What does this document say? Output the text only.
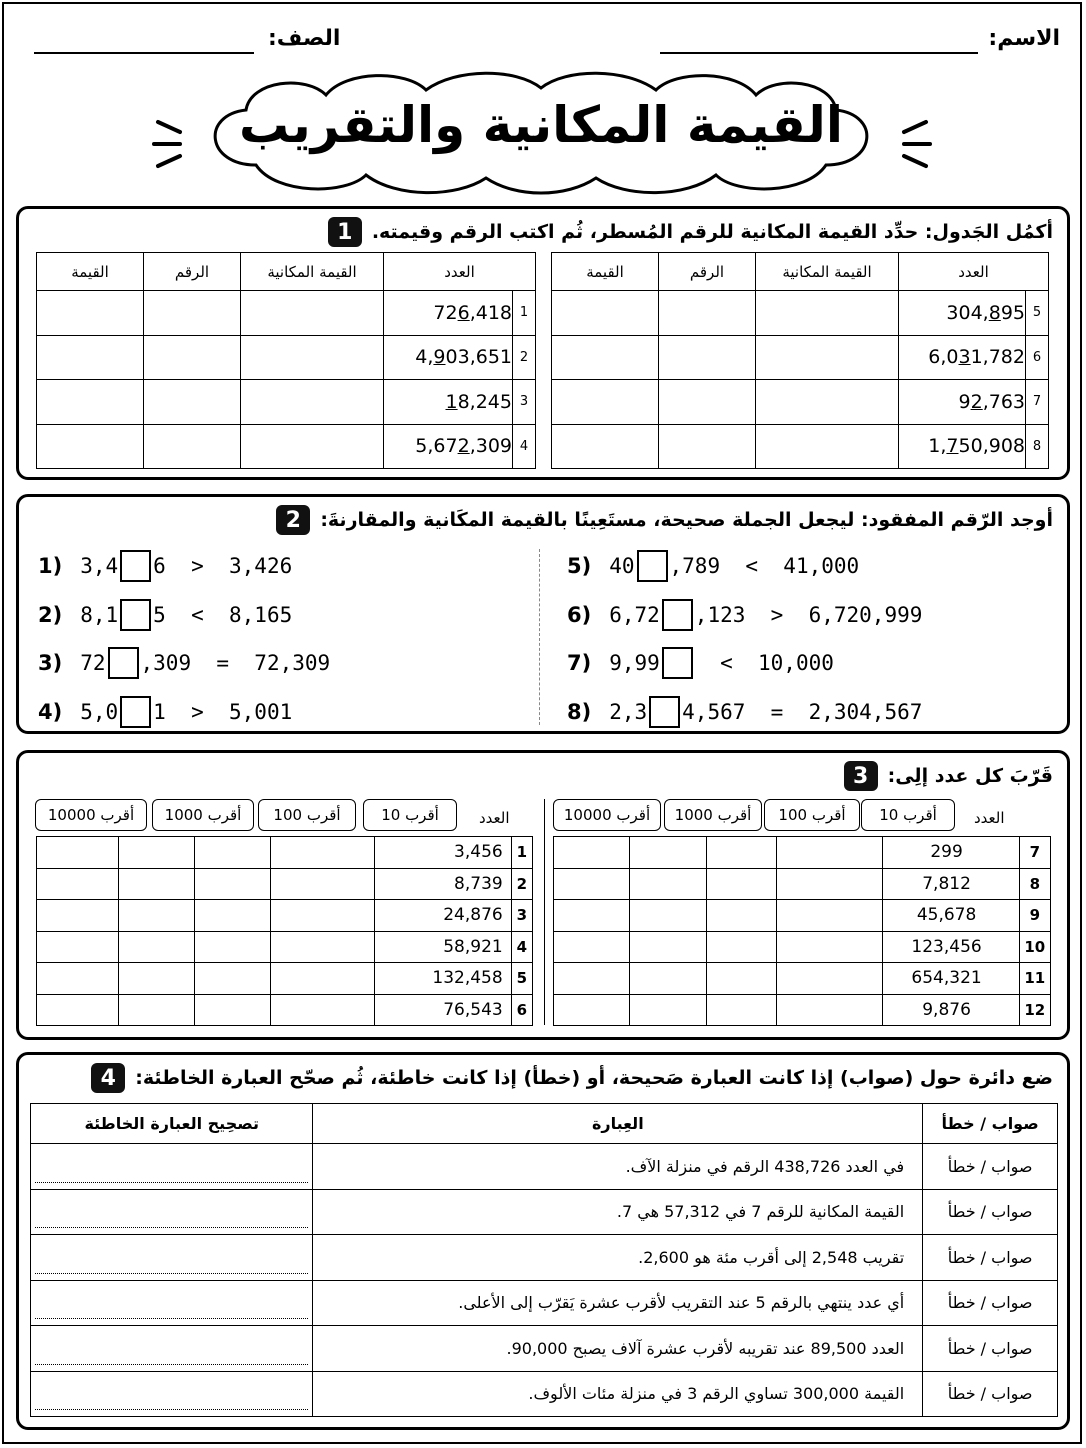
الاسم:
الصف:
القيمة المكانية والتقريب
1	أكمُل الجَدول: حدِّد القيمة المكانية للرقم المُسطر، ثُم اكتب الرقم وقيمته.
القيمة	الرقم	القيمة المكانية	العدد	
			726,418	1
			4,903,651	2
			18,245	3
			5,672,309	4
القيمة	الرقم	القيمة المكانية	العدد	
			304,895	5
			6,031,782	6
			92,763	7
			1,750,908	8
2	أوجد الرّقم المفقود: ليجعل الجملة صحيحة، مستَعِينًا بالقيمة المكَانية والمقارنةَ:
1) 3,4 6  >  3,426
2) 8,1 5  <  8,165
3) 72 ,309  =  72,309
4) 5,0 1  >  5,001
5) 40 ,789  <  41,000
6) 6,72 ,123  >  6,720,999
7) 9,99 <  10,000
8) 2,3 4,567  =  2,304,567
3	قَرّبَ كل عدد إلِى:
العدد
أقرب 10
أقرب 100
أقرب 1000
أقرب 10000	العدد
أقرب 10
أقرب 100
أقرب 1000
أقرب 10000
				3,456	1
				8,739	2
				24,876	3
				58,921	4
				132,458	5
				76,543	6
				299	7
				7,812	8
				45,678	9
				123,456	10
				654,321	11
				9,876	12
4	ضع دائرة حول (صواب) إذا كانت العبارة صَحيحة، أو (خطأ) إذا كانت خاطئة، ثُم صحّح العبارة الخاطئة:
تصحِيح العبارة الخاطئة	العِبارة	صواب / خطأ

	في العدد 438,726 الرقم في منزلة الآف.	صواب / خطأ

	القيمة المكانية للرقم 7 في 57,312 هي 7.	صواب / خطأ

	تقريب 2,548 إلى أقرب مئة هو 2,600.	صواب / خطأ

	أي عدد ينتهي بالرقم 5 عند التقريب لأقرب عشرة يَقرّب إلى الأعلى.	صواب / خطأ

	العدد 89,500 عند تقريبه لأقرب عشرة آلاف يصبح 90,000.	صواب / خطأ

	القيمة 300,000 تساوي الرقم 3 في منزلة مئات الألوف.	صواب / خطأ
